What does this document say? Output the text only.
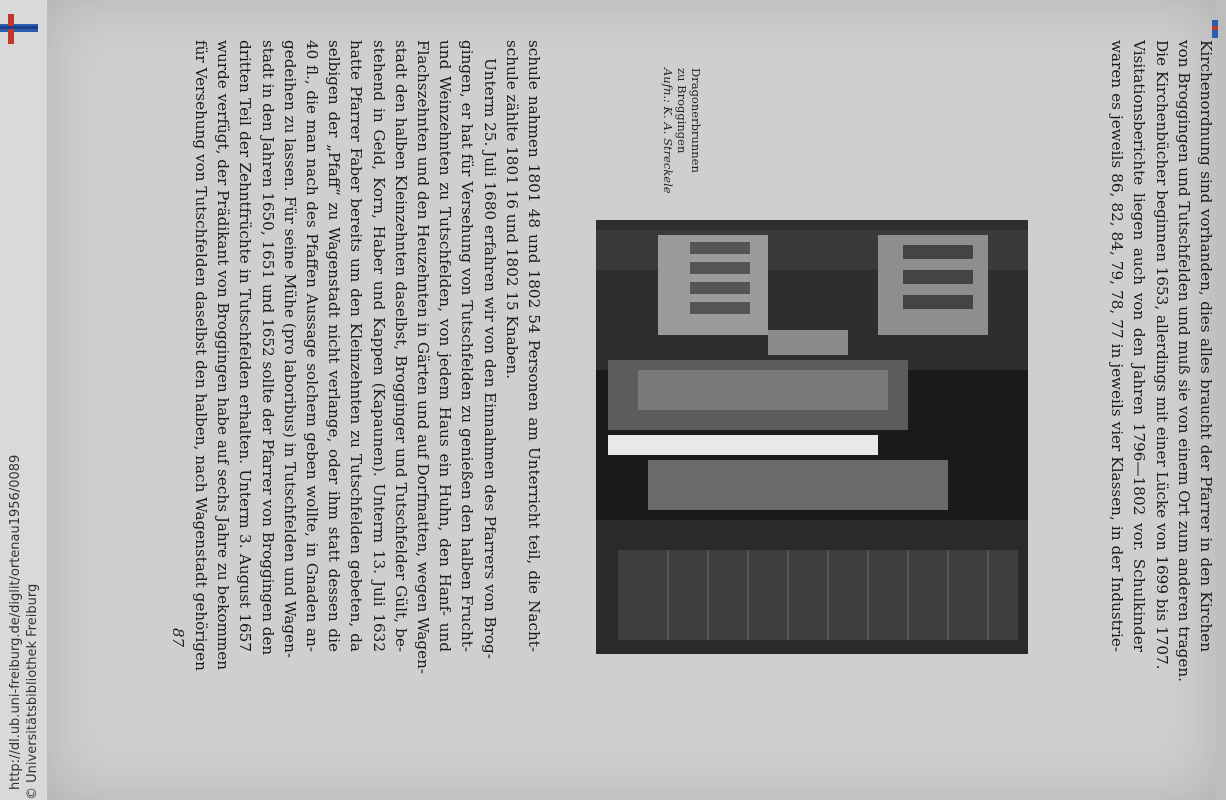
http://dl.ub.uni-freiburg.de/diglit/ortenau1956/0089 © Universitätsbibliothek Freiburg
Kirchenordnung sind vorhanden, dies alles braucht der Pfarrer in den Kirchen
von Broggingen und Tutschfelden und muß sie von einem Ort zum anderen tragen.
Die Kirchenbücher beginnen 1653, allerdings mit einer Lücke von 1699 bis 1707.
Visitationsberichte liegen auch von den Jahren 1796—1802 vor. Schulkinder
waren es jeweils 86, 82, 84, 79, 78, 77 in jeweils vier Klassen, in der Industrie-
Dragonerbrunnen
zu Broggingen
Aufn.: K. A. Streckele
schule nahmen 1801 48 und 1802 54 Personen am Unterricht teil, die Nacht-
schule zählte 1801 16 und 1802 15 Knaben.
Unterm 25. Juli 1680 erfahren wir von den Einnahmen des Pfarrers von Brog-
gingen, er hat für Versehung von Tutschfelden zu genießen den halben Frucht-
und Weinzehnten zu Tutschfelden, von jedem Haus ein Huhn, den Hanf- und
Flachszehnten und den Heuzehnten in Gärten und auf Dorfmatten, wegen Wagen-
stadt den halben Kleinzehnten daselbst, Brogginger und Tutschfelder Gült, be-
stehend in Geld, Korn, Haber und Kappen (Kapaunen). Unterm 13. Juli 1632
hatte Pfarrer Faber bereits um den Kleinzehnten zu Tutschfelden gebeten, da
selbigen der „Pfaff“ zu Wagenstadt nicht verlange, oder ihm statt dessen die
40 fl., die man nach des Pfaffen Aussage solchem geben wollte, in Gnaden an-
gedeihen zu lassen. Für seine Mühe (pro laboribus) in Tutschfelden und Wagen-
stadt in den Jahren 1650, 1651 und 1652 sollte der Pfarrer von Broggingen den
dritten Teil der Zehntfrüchte in Tutschfelden erhalten. Unterm 3. August 1657
wurde verfügt, der Prädikant von Broggingen habe auf sechs Jahre zu bekommen
für Versehung von Tutschfelden daselbst den halben, nach Wagenstadt gehörigen
87
